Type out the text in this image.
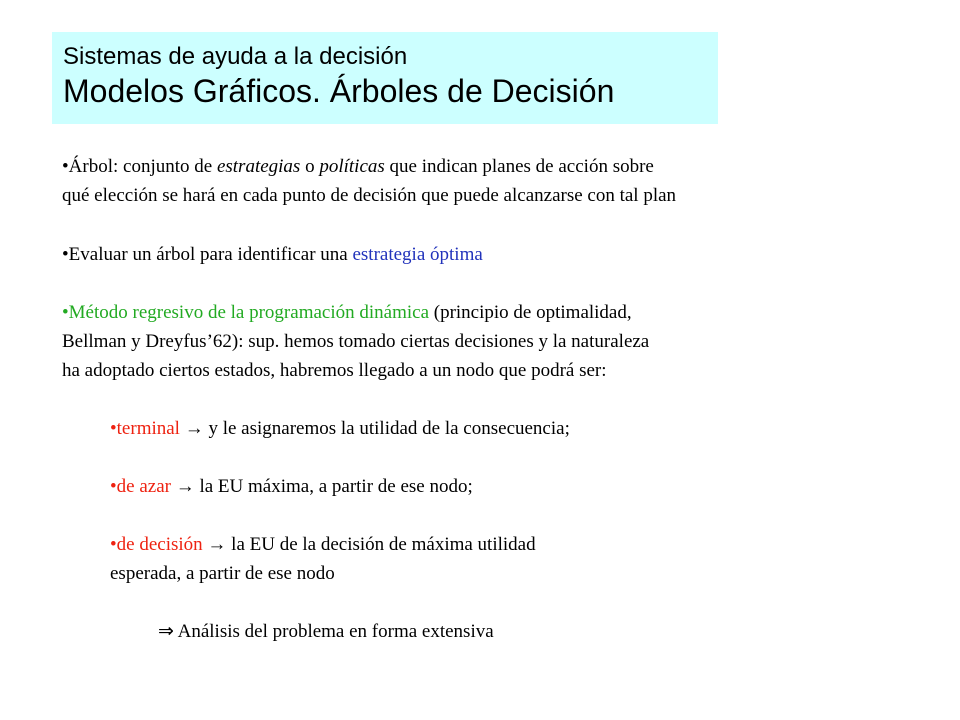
Sistemas de ayuda a la decisión
Modelos Gráficos. Árboles de Decisión
•Árbol: conjunto de estrategias o políticas que indican planes de acción sobre
qué elección se hará en cada punto de decisión que puede alcanzarse con tal plan
•Evaluar un árbol para identificar una estrategia óptima
•Método regresivo de la programación dinámica (principio de optimalidad,
Bellman y Dreyfus’62): sup. hemos tomado ciertas decisiones y la naturaleza
ha adoptado ciertos estados, habremos llegado a un nodo que podrá ser:
•terminal → y le asignaremos la utilidad de la consecuencia;
•de azar → la EU máxima, a partir de ese nodo;
•de decisión → la EU de la decisión de máxima utilidad
esperada, a partir de ese nodo
⇒ Análisis del problema en forma extensiva
